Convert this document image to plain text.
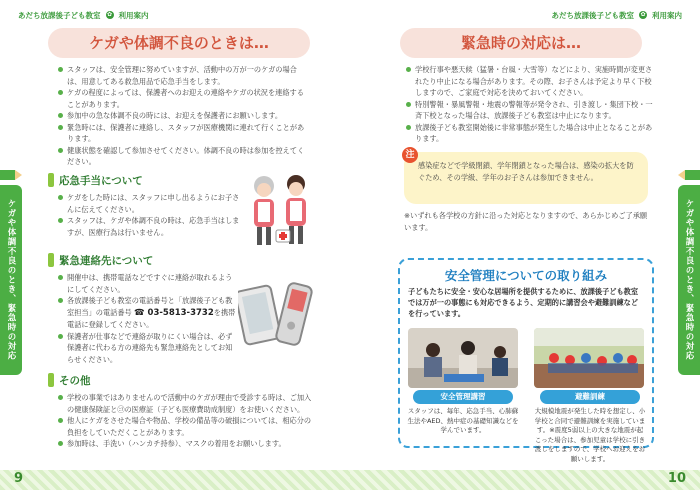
あだち放課後子ども教室 ✿ 利用案内
ケガや体調不良のときは…
スタッフは、安全管理に努めていますが、活動中の万が一のケガの場合は、用意してある救急用品で応急手当をします。
ケガの程度によっては、保護者へのお迎えの連絡やケガの状況を連絡することがあります。
参加中の急な体調不良の時には、お迎えを保護者にお願いします。
緊急時には、保護者に連絡し、スタッフが医療機関に連れて行くことがあります。
健康状態を確認して参加させてください。体調不良の時は参加を控えてください。
応急手当について
ケガをした時には、スタッフに申し出るようにお子さんに伝えてください。
スタッフは、ケガや体調不良の時は、応急手当はしますが、医療行為は行いません。
緊急連絡先について
開催中は、携帯電話などですぐに連絡が取れるようにしてください。
各放課後子ども教室の電話番号と「放課後子ども教室担当」の電話番号 ☎ 03-5813-3732を携帯電話に登録してください。
保護者が仕事などで連絡が取りにくい場合は、必ず保護者に代わる方の連絡先も緊急連絡先としてお知らせください。
その他
学校の事業ではありませんので活動中のケガが理由で受診する時は、ご加入の健康保険証と㋙の医療証（子ども医療費助成制度）をお使いください。
他人にケガをさせた場合や物品、学校の備品等の破損については、相応分の負担をしていただくことがあります。
参加時は、手洗い（ハンカチ持参）、マスクの着用をお願いします。
ケガや体調不良のとき、緊急時の対応
9
あだち放課後子ども教室 ✿ 利用案内
緊急時の対応は…
学校行事や悪天候（猛暑・台風・大雪等）などにより、実施時間が変更されたり中止になる場合があります。その際、お子さんは予定より早く下校しますので、ご家庭で対応を決めておいてください。
特別警報・暴風警報・地震の警報等が発令され、引き渡し・集団下校・一斉下校となった場合は、放課後子ども教室は中止になります。
放課後子ども教室開始後に非常事態が発生した場合は中止となることがあります。
ケガや体調不良のとき、緊急時の対応
10
感染症などで学級閉鎖、学年閉鎖となった場合は、感染の拡大を防ぐため、その学級、学年のお子さんは参加できません。
注
※いずれも各学校の方針に沿った対応となりますので、あらかじめご了承願います。
安全管理についての取り組み
子どもたちに安全・安心な居場所を提供するために、放課後子ども教室では万が一の事態にも対応できるよう、定期的に講習会や避難訓練などを行っています。
安全管理講習
スタッフは、毎年、応急手当、心肺蘇生法やAED、熱中症の基礎知識などを学んでいます。
避難訓練
大規模地震が発生した時を想定し、小学校と合同で避難訓練を実施しています。※震度5弱以上の大きな地震が起こった場合は、参加児童は学校に引き渡しをしますので、学校へお迎えをお願いします。
